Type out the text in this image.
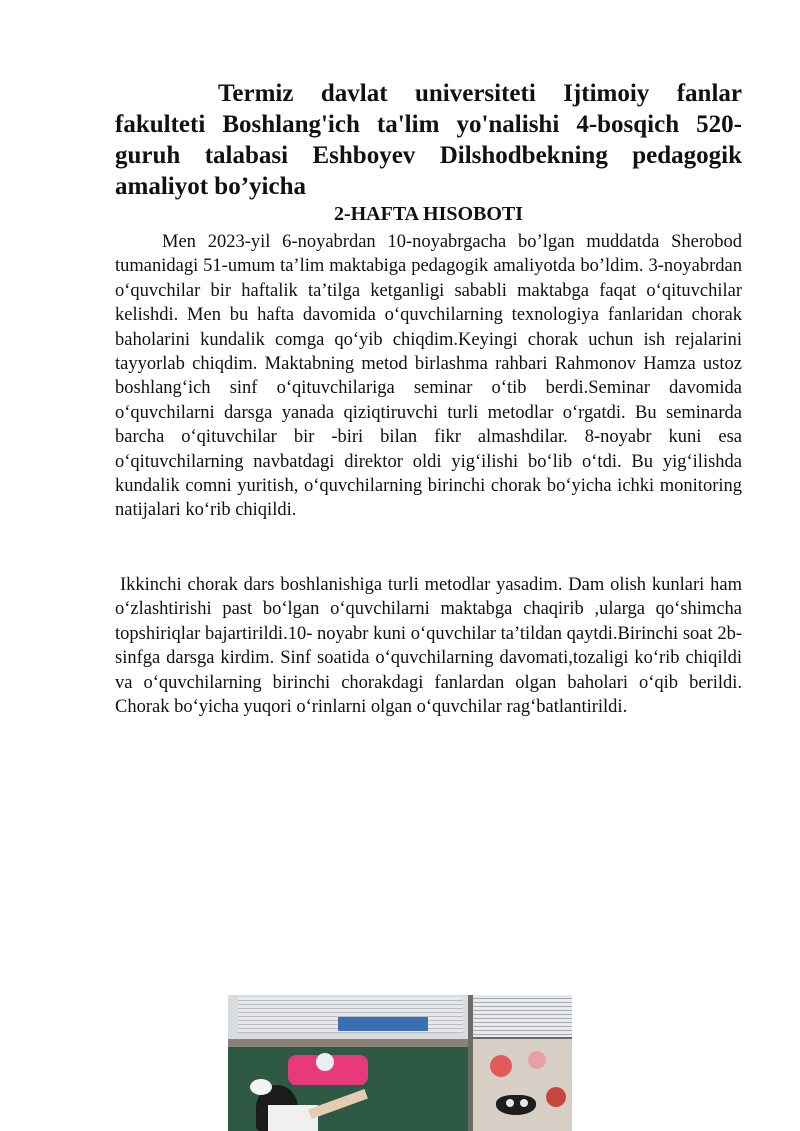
Termiz davlat universiteti Ijtimoiy fanlar fakulteti Boshlang'ich ta'lim yo'nalishi 4-bosqich 520-guruh talabasi Eshboyev Dilshodbekning pedagogik amaliyot bo’yicha

2-HAFTA HISOBOTI

Men 2023-yil 6-noyabrdan 10-noyabrgacha bo’lgan muddatda Sherobod tumanidagi 51-umum ta’lim maktabiga pedagogik amaliyotda bo’ldim. 3-noyabrdan o‘quvchilar bir haftalik ta’tilga ketganligi sababli maktabga faqat o‘qituvchilar kelishdi. Men bu hafta davomida o‘quvchilarning texnologiya fanlaridan chorak baholarini kundalik comga qo‘yib chiqdim.Keyingi chorak uchun ish rejalarini tayyorlab chiqdim. Maktabning metod birlashma rahbari Rahmonov Hamza ustoz boshlang‘ich sinf o‘qituvchilariga seminar o‘tib berdi.Seminar davomida o‘quvchilarni darsga yanada qiziqtiruvchi turli metodlar o‘rgatdi. Bu seminarda barcha o‘qituvchilar bir -biri bilan fikr almashdilar. 8-noyabr kuni esa o‘qituvchilarning navbatdagi direktor oldi yig‘ilishi bo‘lib o‘tdi. Bu yig‘ilishda kundalik comni yuritish, o‘quvchilarning birinchi chorak bo‘yicha ichki monitoring natijalari ko‘rib chiqildi.

Ikkinchi chorak dars boshlanishiga turli metodlar yasadim. Dam olish kunlari ham o‘zlashtirishi past bo‘lgan o‘quvchilarni maktabga chaqirib ,ularga qo‘shimcha topshiriqlar bajartirildi.10- noyabr kuni o‘quvchilar ta’tildan qaytdi.Birinchi soat 2b- sinfga darsga kirdim. Sinf soatida o‘quvchilarning davomati,tozaligi ko‘rib chiqildi va o‘quvchilarning birinchi chorakdagi fanlardan olgan baholari o‘qib berildi. Chorak bo‘yicha yuqori o‘rinlarni olgan o‘quvchilar rag‘batlantirildi.
